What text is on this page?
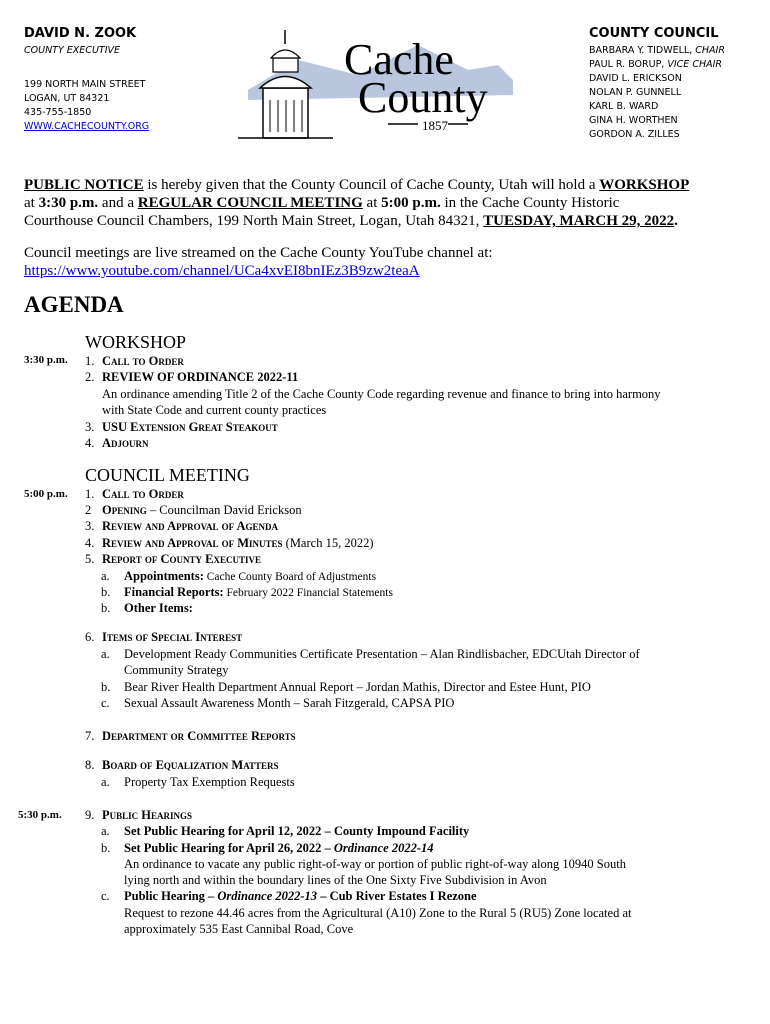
DAVID N. ZOOK
COUNTY EXECUTIVE
199 NORTH MAIN STREET
LOGAN, UT 84321
435-755-1850
WWW.CACHECOUNTY.ORG
Cache
County
1857
COUNTY COUNCIL
BARBARA Y. TIDWELL, CHAIR
PAUL R. BORUP, VICE CHAIR
DAVID L. ERICKSON
NOLAN P. GUNNELL
KARL B. WARD
GINA H. WORTHEN
GORDON A. ZILLES
PUBLIC NOTICE is hereby given that the County Council of Cache County, Utah will hold a WORKSHOP
at 3:30 p.m. and a REGULAR COUNCIL MEETING at 5:00 p.m. in the Cache County Historic
Courthouse Council Chambers, 199 North Main Street, Logan, Utah 84321, TUESDAY, MARCH 29, 2022.
Council meetings are live streamed on the Cache County YouTube channel at:
https://www.youtube.com/channel/UCa4xvEI8bnIEz3B9zw2teaA
AGENDA
WORKSHOP
3:30 p.m. 1. Call to Order
2. REVIEW OF ORDINANCE 2022-11
An ordinance amending Title 2 of the Cache County Code regarding revenue and finance to bring into harmony
with State Code and current county practices
3. USU Extension Great Steakout
4. Adjourn
COUNCIL MEETING
5:00 p.m. 1. Call to Order
2 Opening – Councilman David Erickson
3. Review and Approval of Agenda
4. Review and Approval of Minutes (March 15, 2022)
5. Report of County Executive
a.	Appointments: Cache County Board of Adjustments
b.	Financial Reports: February 2022 Financial Statements
b.	Other Items:
6. Items of Special Interest
a.	Development Ready Communities Certificate Presentation – Alan Rindlisbacher, EDCUtah Director of
Community Strategy
b.	Bear River Health Department Annual Report – Jordan Mathis, Director and Estee Hunt, PIO
c.	Sexual Assault Awareness Month – Sarah Fitzgerald, CAPSA PIO
7. Department or Committee Reports
8. Board of Equalization Matters
a.	Property Tax Exemption Requests
5:30 p.m. 9. Public Hearings
a.	Set Public Hearing for April 12, 2022 – County Impound Facility
b.	Set Public Hearing for April 26, 2022 – Ordinance 2022-14
An ordinance to vacate any public right-of-way or portion of public right-of-way along 10940 South
lying north and within the boundary lines of the One Sixty Five Subdivision in Avon
c.	Public Hearing – Ordinance 2022-13 – Cub River Estates I Rezone
Request to rezone 44.46 acres from the Agricultural (A10) Zone to the Rural 5 (RU5) Zone located at
approximately 535 East Cannibal Road, Cove
